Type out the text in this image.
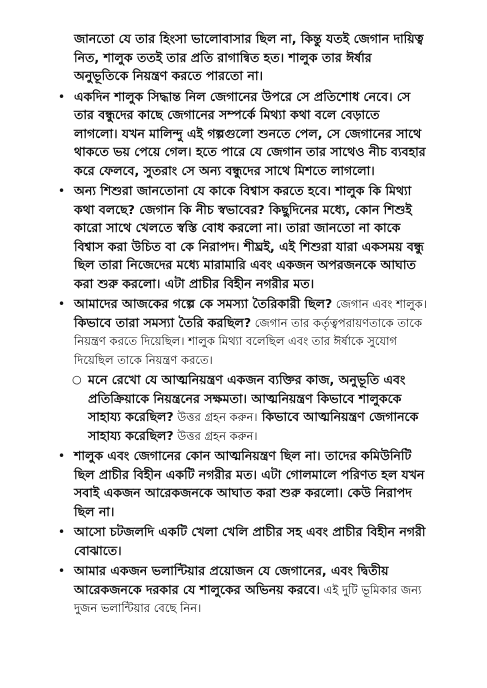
জানতো যে তার হিংসা ভালোবাসার ছিল না, কিন্তু যতই জেগান দায়িত্ব নিত, শালুক ততই তার প্রতি রাগান্বিত হত। শালুক তার ঈর্ষার অনুভূতিকে নিয়ন্ত্রণ করতে পারতো না।

• একদিন শালুক সিদ্ধান্ত নিল জেগানের উপরে সে প্রতিশোধ নেবে। সে তার বন্ধুদের কাছে জেগানের সম্পর্কে মিথ্যা কথা বলে বেড়াতে লাগলো। যখন মালিন্দু এই গল্পগুলো শুনতে পেল, সে জেগানের সাথে থাকতে ভয় পেয়ে গেল। হতে পারে যে জেগান তার সাথেও নীচ ব্যবহার করে ফেলবে, সুতরাং সে অন্য বন্ধুদের সাথে মিশতে লাগলো।
• অন্য শিশুরা জানতোনা যে কাকে বিশ্বাস করতে হবে। শালুক কি মিথ্যা কথা বলছে? জেগান কি নীচ স্বভাবের? কিছুদিনের মধ্যে, কোন শিশুই কারো সাথে খেলতে স্বস্তি বোধ করলো না। তারা জানতো না কাকে বিশ্বাস করা উচিত বা কে নিরাপদ। শীঘ্রই, এই শিশুরা যারা একসময় বন্ধু ছিল তারা নিজেদের মধ্যে মারামারি এবং একজন অপরজনকে আঘাত করা শুরু করলো। এটা প্রাচীর বিহীন নগরীর মত।
• আমাদের আজকের গল্পে কে সমস্যা তৈরিকারী ছিল? জেগান এবং শালুক। কিভাবে তারা সমস্যা তৈরি করছিল? জেগান তার কর্তৃত্বপরায়ণতাকে তাকে নিয়ন্ত্রণ করতে দিয়েছিল। শালুক মিথ্যা বলেছিল এবং তার ঈর্ষাকে সুযোগ দিয়েছিল তাকে নিয়ন্ত্রণ করতে।
○ মনে রেখো যে আত্মনিয়ন্ত্রণ একজন ব্যক্তির কাজ, অনুভূতি এবং প্রতিক্রিয়াকে নিয়ন্ত্রনের সক্ষমতা। আত্মনিয়ন্ত্রণ কিভাবে শালুককে সাহায্য করেছিল? উত্তর গ্রহন করুন। কিভাবে আত্মনিয়ন্ত্রণ জেগানকে সাহায্য করেছিল? উত্তর গ্রহন করুন।
• শালুক এবং জেগানের কোন আত্মনিয়ন্ত্রণ ছিল না। তাদের কমিউনিটি ছিল প্রাচীর বিহীন একটি নগরীর মত। এটা গোলমালে পরিণত হল যখন সবাই একজন আরেকজনকে আঘাত করা শুরু করলো। কেউ নিরাপদ ছিল না।
• আসো চটজলদি একটি খেলা খেলি প্রাচীর সহ এবং প্রাচীর বিহীন নগরী বোঝাতে।
• আমার একজন ভলান্টিয়ার প্রয়োজন যে জেগানের, এবং দ্বিতীয় আরেকজনকে দরকার যে শালুকের অভিনয় করবে। এই দুটি ভূমিকার জন্য দুজন ভলান্টিয়ার বেছে নিন।
